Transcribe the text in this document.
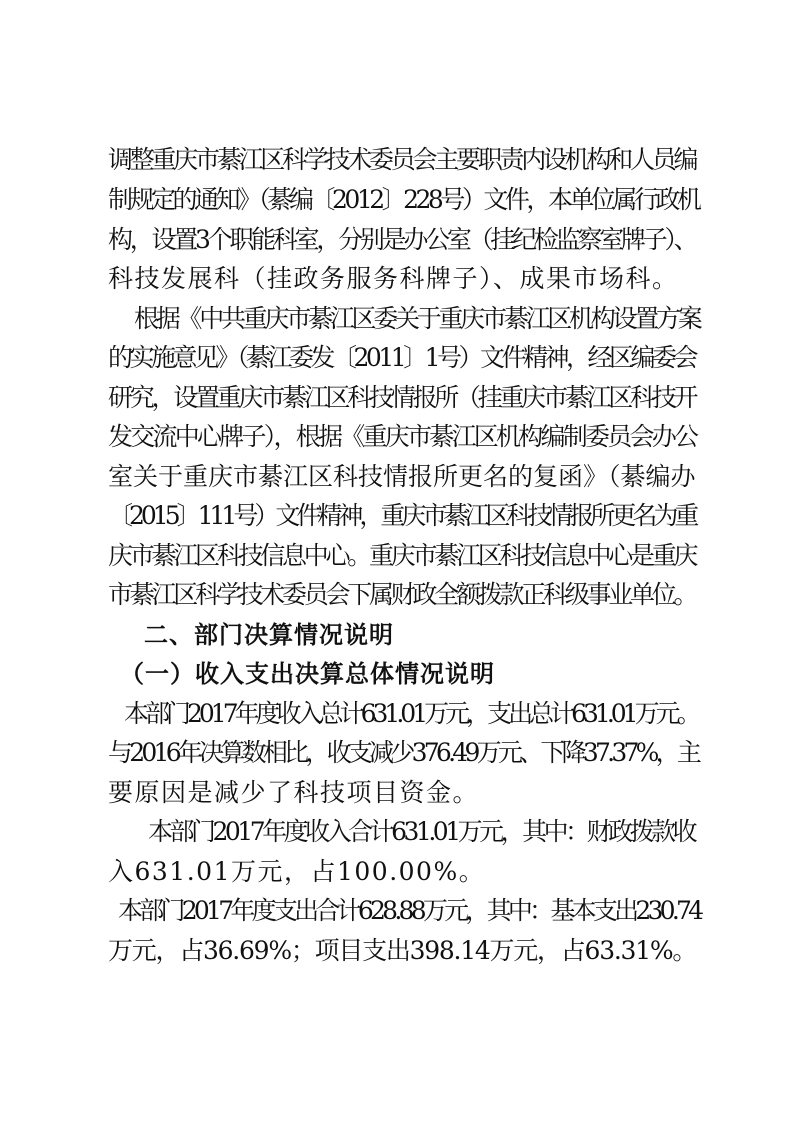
调整重庆市綦江区科学技术委员会主要职责内设机构和人员编
制规定的通知》（綦编〔2012〕228号）文件，本单位属行政机
构，设置3个职能科室，分别是办公室（挂纪检监察室牌子）、
科技发展科（挂政务服务科牌子）、成果市场科。
根据《中共重庆市綦江区委关于重庆市綦江区机构设置方案
的实施意见》（綦江委发〔2011〕1号）文件精神，经区编委会
研究，设置重庆市綦江区科技情报所（挂重庆市綦江区科技开
发交流中心牌子），根据《重庆市綦江区机构编制委员会办公
室关于重庆市綦江区科技情报所更名的复函》（綦编办
〔2015〕111号）文件精神，重庆市綦江区科技情报所更名为重
庆市綦江区科技信息中心。重庆市綦江区科技信息中心是重庆
市綦江区科学技术委员会下属财政全额拨款正科级事业单位。
二、部门决算情况说明
（一）收入支出决算总体情况说明
本部门2017年度收入总计631.01万元，支出总计631.01万元。
与2016年决算数相比，收支减少376.49万元、下降37.37%，主
要原因是减少了科技项目资金。
本部门2017年度收入合计631.01万元，其中：财政拨款收
入631.01万元，占100.00%。
本部门2017年度支出合计628.88万元，其中：基本支出230.74
万元，占36.69%；项目支出398.14万元，占63.31%。
